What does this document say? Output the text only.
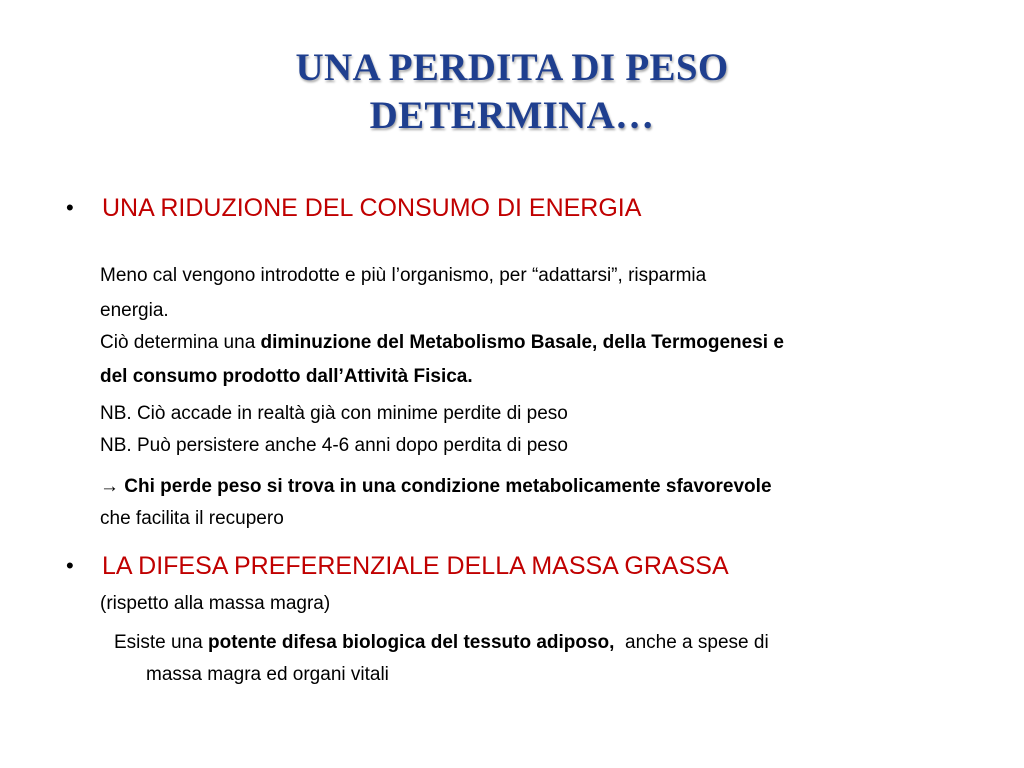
UNA PERDITA DI PESO
DETERMINA…
• UNA RIDUZIONE DEL CONSUMO DI ENERGIA
Meno cal vengono introdotte e più l’organismo, per “adattarsi”, risparmia
energia.
Ciò determina una diminuzione del Metabolismo Basale, della Termogenesi e
del consumo prodotto dall’Attività Fisica.
NB. Ciò accade in realtà già con minime perdite di peso
NB. Può persistere anche 4-6 anni dopo perdita di peso
→ Chi perde peso si trova in una condizione metabolicamente sfavorevole
che facilita il recupero
• LA DIFESA PREFERENZIALE DELLA MASSA GRASSA
(rispetto alla massa magra)
Esiste una potente difesa biologica del tessuto adiposo,  anche a spese di
massa magra ed organi vitali
